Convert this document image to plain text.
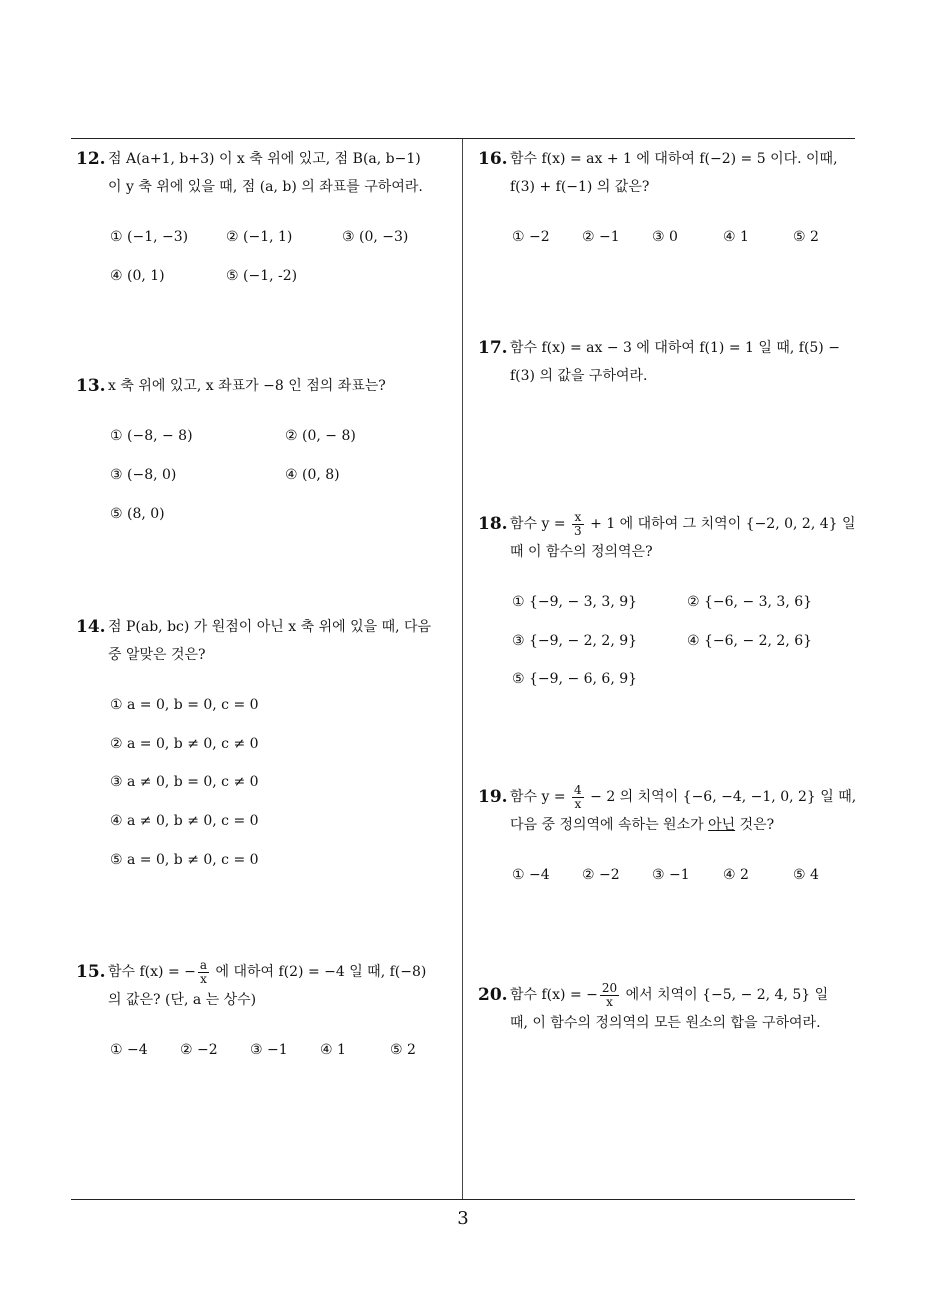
12. 점 A(a+1, b+3) 이 x 축 위에 있고, 점 B(a, b−1)
이 y 축 위에 있을 때, 점 (a, b) 의 좌표를 구하여라.
① (−1, −3)	② (−1, 1)	③ (0, −3)
④ (0, 1)	⑤ (−1, -2)
13. x 축 위에 있고, x 좌표가 −8 인 점의 좌표는?
① (−8, − 8)	② (0, − 8)
③ (−8, 0)	④ (0, 8)
⑤ (8, 0)
14. 점 P(ab, bc) 가 원점이 아닌 x 축 위에 있을 때, 다음
중 알맞은 것은?
① a = 0, b = 0, c = 0
② a = 0, b ≠ 0, c ≠ 0
③ a ≠ 0, b = 0, c ≠ 0
④ a ≠ 0, b ≠ 0, c = 0
⑤ a = 0, b ≠ 0, c = 0
15. 함수 f(x) = − $\frac{a}{x}$ 에 대하여 f(2) = −4 일 때, f(−8)
의 값은? (단, a 는 상수)
① −4 ② −2 ③ −1 ④ 1	⑤ 2
16. 함수 f(x) = ax + 1 에 대하여 f(−2) = 5 이다. 이때,
f(3) + f(−1) 의 값은?
① −2 ② −1 ③ 0	④ 1	⑤ 2
17. 함수 f(x) = ax − 3 에 대하여 f(1) = 1 일 때, f(5) −
f(3) 의 값을 구하여라.
18. 함수 $y = \frac{x}{3} + 1$ 에 대하여 그 치역이 {−2, 0, 2, 4} 일
때 이 함수의 정의역은?
① {−9, − 3, 3, 9}	② {−6, − 3, 3, 6}
③ {−9, − 2, 2, 9}	④ {−6, − 2, 2, 6}
⑤ {−9, − 6, 6, 9}
19. 함수 $y = \frac{4}{x} - 2$ 의 치역이 {−6, −4, −1, 0, 2} 일 때,
다음 중 정의역에 속하는 원소가 아닌 것은?
① −4 ② −2 ③ −1 ④ 2	⑤ 4
20. 함수 f(x) = − $\frac{20}{x}$ 에서 치역이 {−5, − 2, 4, 5} 일
때, 이 함수의 정의역의 모든 원소의 합을 구하여라.
3
